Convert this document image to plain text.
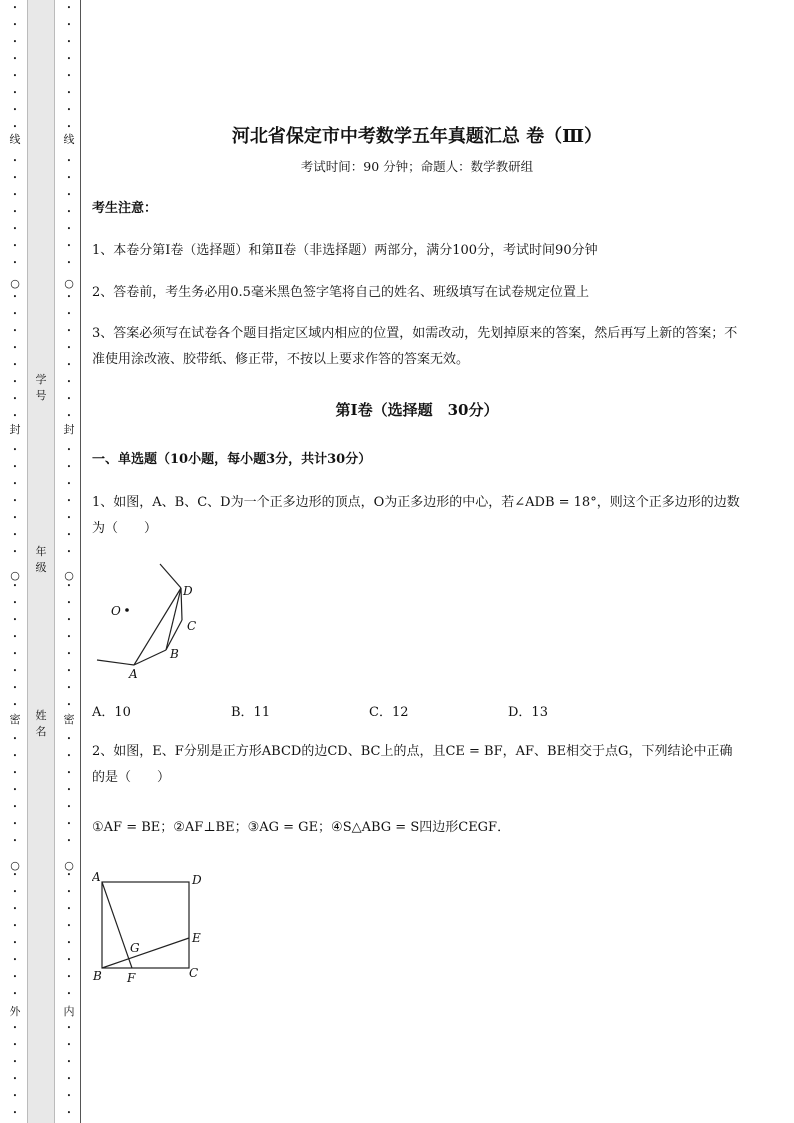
•
•
•
•
•
•
•
•
•
•
•
•
•
•
•
•
•
•
•
•
•
•
•
•
•
•
•
•
•
•
•
•
•
•
•
•
•
•
•
•
•
•
•
•
•
•
•
•
•
•
•
•
•
•
•
•
•
•
•
○
○
○
线
封
密
外
学号
年级
姓名
•
•
•
•
•
•
•
•
•
•
•
•
•
•
•
•
•
•
•
•
•
•
•
•
•
•
•
•
•
•
•
•
•
•
•
•
•
•
•
•
•
•
•
•
•
•
•
•
•
•
•
•
•
•
•
•
•
•
•
○
○
○
线
封
密
内
河北省保定市中考数学五年真题汇总 卷（Ⅲ）
考试时间：90 分钟；命题人：数学教研组
考生注意：
1、本卷分第Ⅰ卷（选择题）和第Ⅱ卷（非选择题）两部分，满分100分，考试时间90分钟
2、答卷前，考生务必用0.5毫米黑色签字笔将自己的姓名、班级填写在试卷规定位置上
3、答案必须写在试卷各个题目指定区域内相应的位置，如需改动，先划掉原来的答案，然后再写上新的答案；不准使用涂改液、胶带纸、修正带，不按以上要求作答的答案无效。
第Ⅰ卷（选择题　30分）
一、单选题（10小题，每小题3分，共计30分）
1、如图，A、B、C、D为一个正多边形的顶点，O为正多边形的中心，若∠ADB = 18°，则这个正多边形的边数为（　　）
O
A
B
C
D
A．10	B．11	C．12	D．13
2、如图，E、F分别是正方形ABCD的边CD、BC上的点，且CE = BF，AF、BE相交于点G，下列结论中正确的是（　　）
①AF = BE；②AF⊥BE；③AG = GE；④S△ABG = S四边形CEGF．
A	D
E
G
B F	C
